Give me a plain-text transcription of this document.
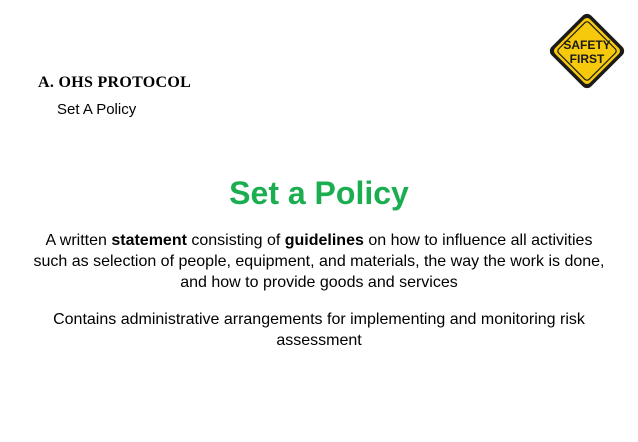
A. OHS PROTOCOL

Set A Policy

SAFETY
FIRST
Set a Policy

A written statement consisting of guidelines on how to influence all activities such as selection of people, equipment, and materials, the way the work is done, and how to provide goods and services

Contains administrative arrangements for implementing and monitoring risk assessment
